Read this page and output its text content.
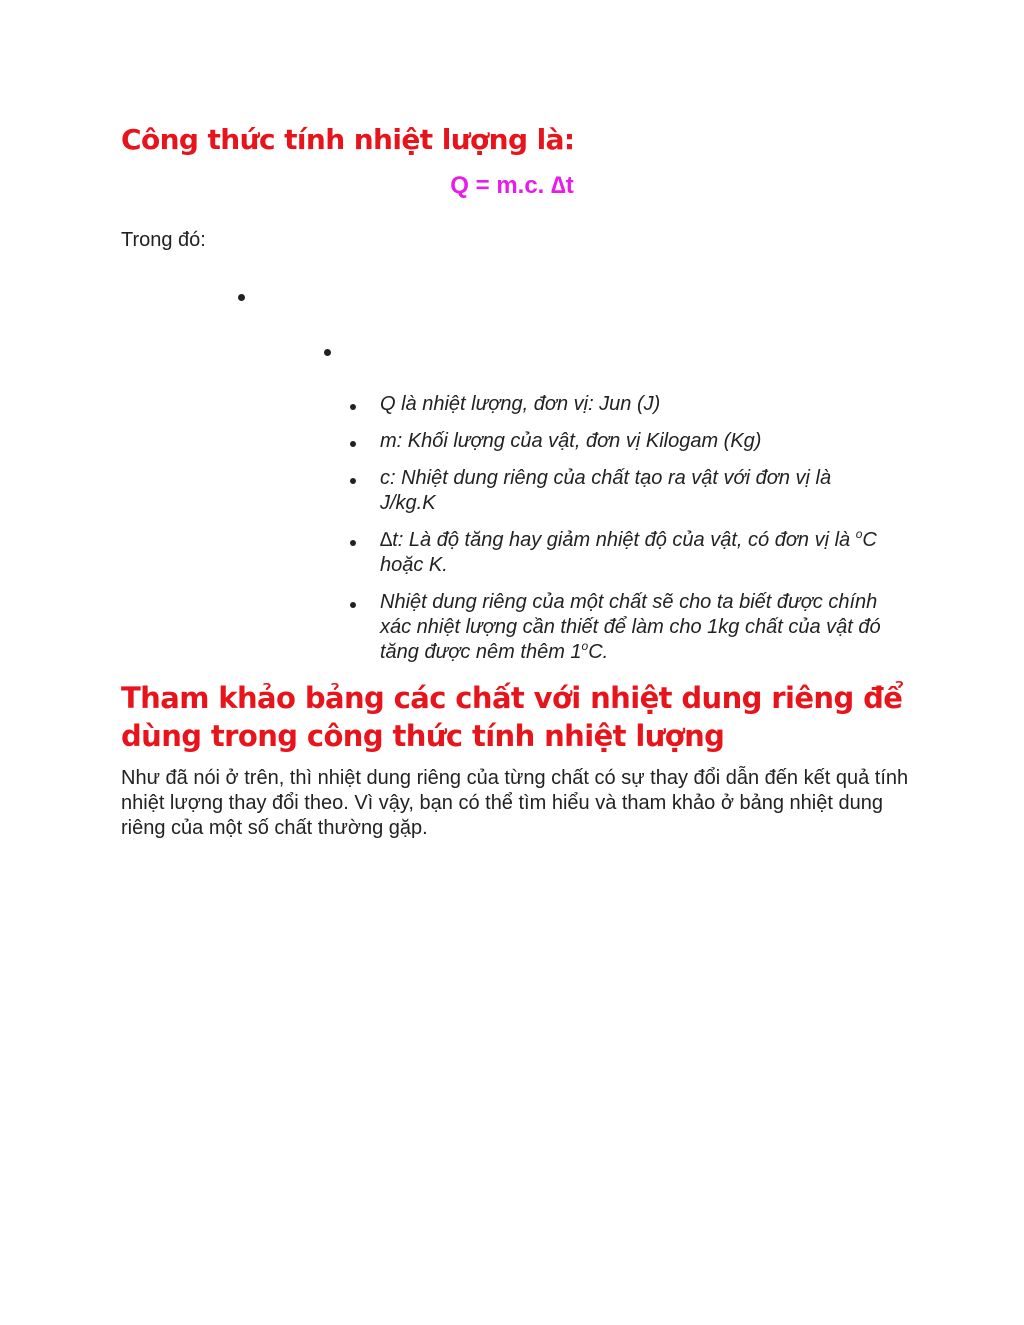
Công thức tính nhiệt lượng là:
Q = m.c. ∆t

Trong đó:

Q là nhiệt lượng, đơn vị: Jun (J)
m: Khối lượng của vật, đơn vị Kilogam (Kg)
c: Nhiệt dung riêng của chất tạo ra vật với đơn vị là J/kg.K
∆t: Là độ tăng hay giảm nhiệt độ của vật, có đơn vị là $^o$C hoặc K.
Nhiệt dung riêng của một chất sẽ cho ta biết được chính xác nhiệt lượng cần thiết để làm cho 1kg chất của vật đó tăng được nêm thêm 1$^o$C.
Tham khảo bảng các chất với nhiệt dung riêng để dùng trong công thức tính nhiệt lượng

Như đã nói ở trên, thì nhiệt dung riêng của từng chất có sự thay đổi dẫn đến kết quả tính nhiệt lượng thay đổi theo. Vì vậy, bạn có thể tìm hiểu và tham khảo ở bảng nhiệt dung riêng của một số chất thường gặp.
